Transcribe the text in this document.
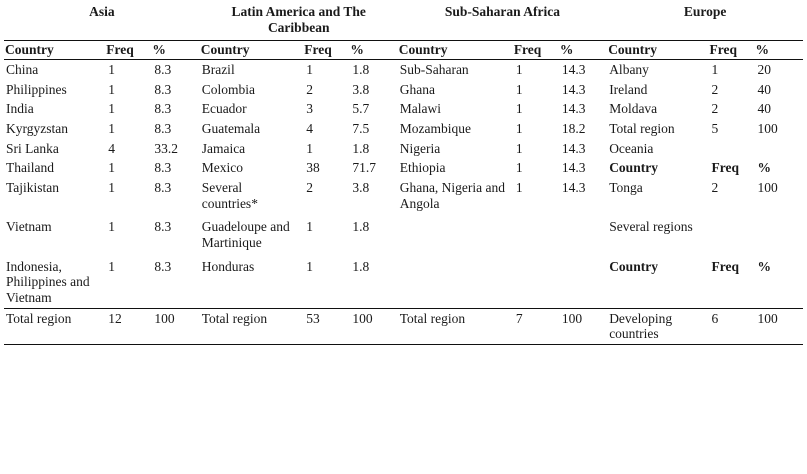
Asia			Latin America and The Caribbean			Sub-Saharan Africa			Europe		

Country	Freq	%	Country	Freq	%	Country	Freq	%	Country	Freq	%

China	1	8.3	Brazil	1	1.8	Sub-Saharan	1	14.3	Albany	1	20
Philippines	1	8.3	Colombia	2	3.8	Ghana	1	14.3	Ireland	2	40
India	1	8.3	Ecuador	3	5.7	Malawi	1	14.3	Moldava	2	40
Kyrgyzstan	1	8.3	Guatemala	4	7.5	Mozambique	1	18.2	Total region	5	100
Sri Lanka	4	33.2	Jamaica	1	1.8	Nigeria	1	14.3	Oceania		
Thailand	1	8.3	Mexico	38	71.7	Ethiopia	1	14.3	Country	Freq	%
Tajikistan	1	8.3	Several countries*	2	3.8	Ghana, Nigeria and Angola	1	14.3	Tonga	2	100

Vietnam	1	8.3	Guadeloupe and Martinique	1	1.8				Several regions		

Indonesia, Philippines and Vietnam	1	8.3	Honduras	1	1.8				Country	Freq	%

Total region	12	100	Total region	53	100	Total region	7	100	Developing countries	6	100
